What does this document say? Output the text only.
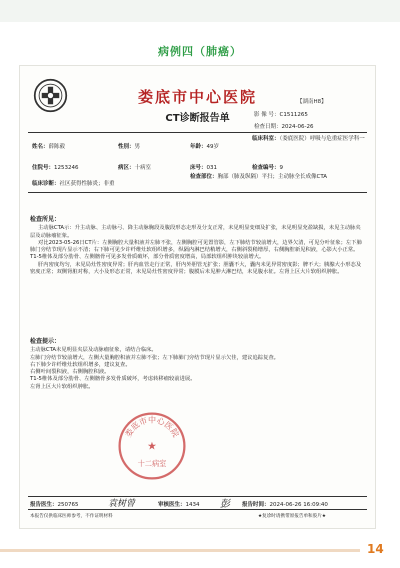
病例四（肺癌）
娄底市中心医院
CT诊断报告单
【湖南H8】
影 像 号：C1511265
检查日期：2024-06-26
姓名：薛陈毅	性别：男	年龄：49岁
临床科室：（娄底医院）呼吸与危重症医学科一
住院号：1253246	病区：十病室	床号：031	检查编号：9
临床诊断：社区获得性肺炎；非重
检查部位：胸部（肺及纵隔）平扫；主动脉全长成像CTA

检查所见：

主动脉CTA示：升主动脉、主动脉弓、降主动脉胸段及腹段形态走形及分支正常，未见明显变细及扩张，未见明显充盈缺损，未见主动脉夹层及动脉瘤征象。

对比2023-05-26日CT片：左侧胸腔大量积液并左肺不张，左侧胸腔可见置管影，左下肺结节较前增大，边界欠清，可见分叶征象；左下肺肺门旁结节现片显示不清；右下肺可见少许纤维灶软组织增多，纵隔内淋巴结稍增大，右侧斜裂稍增厚，右侧胸腔新见积液，心影大小正常。T1-5椎体及部分肋骨、左侧髂骨可见多发骨质破坏，部分骨质密度增高，局部软组织肿块较前增大。

肝内密度均匀，未见局灶性密度异常；肝内血管走行正常，肝内外胆管无扩张；胆囊不大，囊内未见异常密度影；脾不大；胰腺大小形态及密度正常；双侧肾脏对称，大小及形态正常，未见局灶性密度异常；腹膜后未见肿大淋巴结，未见腹水征。左肾上区大片软组织肿胀。

检查提示：

主动脉CTA未见明显夹层及动脉瘤征象，请结合临床。

左肺门旁结节较前增大，左侧大量胸腔积液并左肺不张；左下肺肺门旁结节现片显示欠佳，建议追踪复查。

右下肺少许纤维灶软组织增多，建议复查。

右侧叶间裂积液，右侧胸腔积液。

T1-5椎体及部分肋骨、左侧髂骨多发骨质破坏，考虑转移瘤较前进展。

左肾上区大片软组织肿胀。

娄底市中心医院
★
十二病室
报告医生：250765	袁树曾	审核医生：1434 彭 报告时间：2024-06-26 16:09:40
本报告仅供临床医师参考，不作证明材料	★复诊时请携带原报告单和胶片★
14
